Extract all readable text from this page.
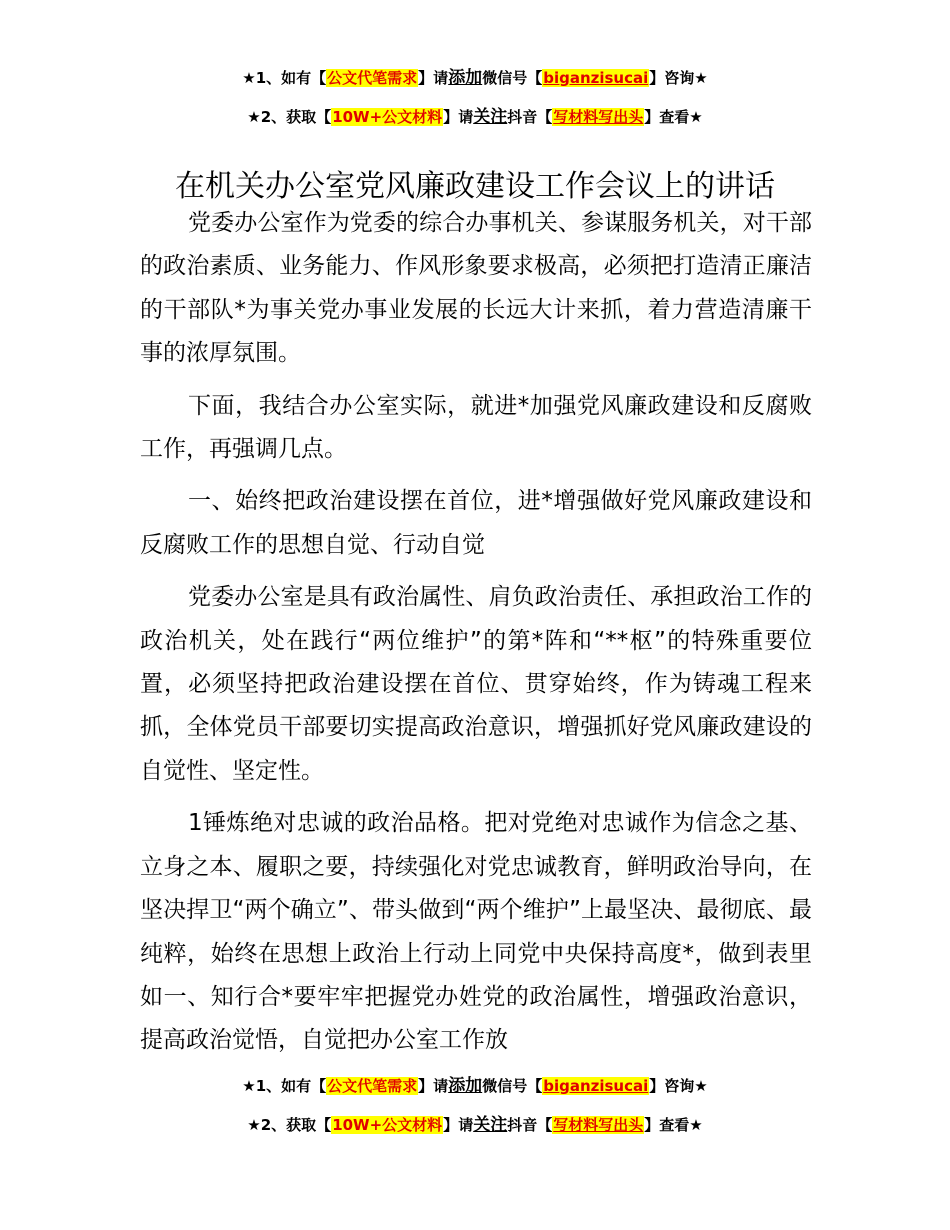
★1、如有【公文代笔需求】请添加微信号【biganzisucai】咨询★
★2、获取【10W+公文材料】请关注抖音【写材料写出头】查看★
在机关办公室党风廉政建设工作会议上的讲话

党委办公室作为党委的综合办事机关、参谋服务机关，对干部的政治素质、业务能力、作风形象要求极高，必须把打造清正廉洁的干部队*为事关党办事业发展的长远大计来抓，着力营造清廉干事的浓厚氛围。

下面，我结合办公室实际，就进*加强党风廉政建设和反腐败工作，再强调几点。

一、始终把政治建设摆在首位，进*增强做好党风廉政建设和反腐败工作的思想自觉、行动自觉

党委办公室是具有政治属性、肩负政治责任、承担政治工作的政治机关，处在践行“两位维护”的第*阵和“**枢”的特殊重要位置，必须坚持把政治建设摆在首位、贯穿始终，作为铸魂工程来抓，全体党员干部要切实提高政治意识，增强抓好党风廉政建设的自觉性、坚定性。

1锤炼绝对忠诚的政治品格。把对党绝对忠诚作为信念之基、立身之本、履职之要，持续强化对党忠诚教育，鲜明政治导向，在坚决捍卫“两个确立”、带头做到“两个维护”上最坚决、最彻底、最纯粹，始终在思想上政治上行动上同党中央保持高度*，做到表里如一、知行合*要牢牢把握党办姓党的政治属性，增强政治意识，提高政治觉悟，自觉把办公室工作放

★1、如有【公文代笔需求】请添加微信号【biganzisucai】咨询★
★2、获取【10W+公文材料】请关注抖音【写材料写出头】查看★
